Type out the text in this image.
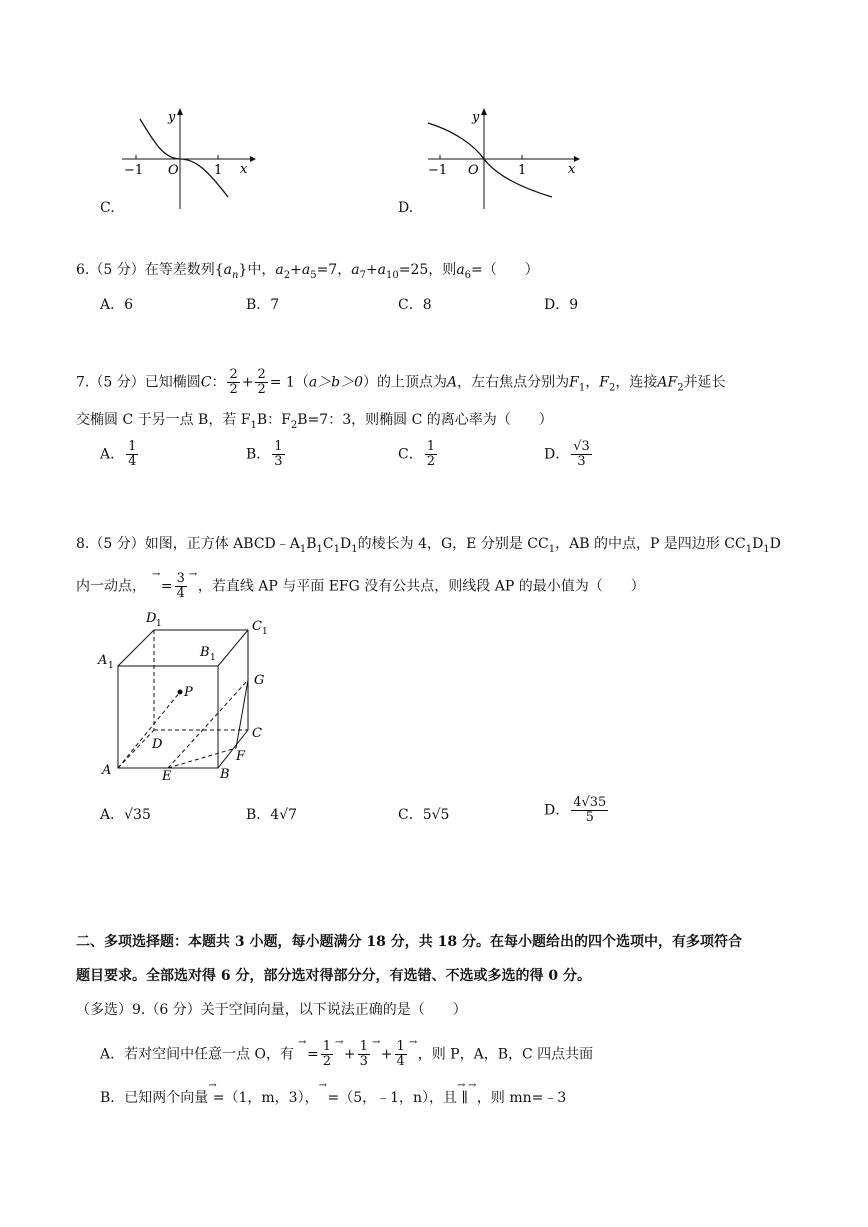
C.
y
x
O
−1	1
D.
y
x
O
−1	1
6.（5 分）在等差数列$\{a_n\}$中，$a_2+a_5=7$，$a_7+a_{10}=25$，则$a_6=$（　　）
A．6	B．7	C．8	D．9
7.（5 分）已知椭圆C： $\frac{2}{2} + \frac{2}{2} = 1(a>b>0)$的上顶点为A，左右焦点分别为$F_1$，$F_2$，连接$AF_2$并延长
交椭圆 C 于另一点 B，若 $F_1B$：$F_2B=7$：3，则椭圆 C 的离心率为（　　）
A． $\frac{1}{4}$	B． $\frac{1}{3}$	C． $\frac{1}{2}$	D． $\frac{√3}{3}$
8.（5 分）如图，正方体 $ABCD﹣A_1B_1C_1D_1$的棱长为 4，G，E 分别是 $CC_1$，AB 的中点，P 是四边形 $CC_1D_1D$
内一动点，
→
= $\frac{3}{4}$ →
，若直线 AP 与平面 EFG 没有公共点，则线段 AP 的最小值为（　　）
D 1	C 1
A 1
B 1
P
G
D
C
F
A	E	B
A．√35	B．4√7	C．5√5	D． $\frac{4√35}{5}$
二、多项选择题：本题共 3 小题，每小题满分 18 分，共 18 分。在每小题给出的四个选项中，有多项符合
题目要求。全部选对得 6 分，部分选对得部分分，有选错、不选或多选的得 0 分。
（多选）9.（6 分）关于空间向量，以下说法正确的是（　　）
A．若对空间中任意一点 O，有
→
= $\frac{1}{2}$ →
+ $\frac{1}{3}$ →
+ $\frac{1}{4}$ →
，则 P，A，B，C 四点共面
B．已知两个向量
→
=（1，m，3），
→
=（5，﹣1，n），且
→
∥
→
，则 mn=﹣3
